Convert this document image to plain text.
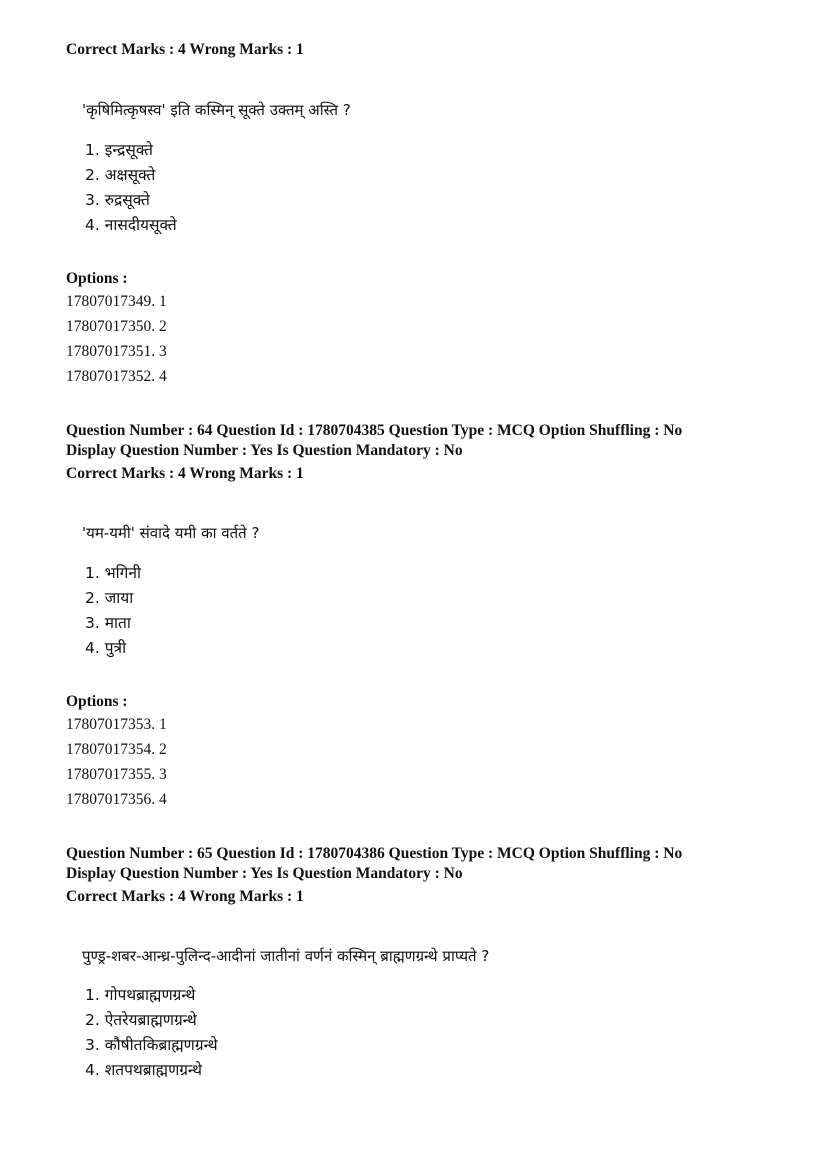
Correct Marks : 4 Wrong Marks : 1
'कृषिमित्कृषस्व' इति कस्मिन् सूक्ते उक्तम् अस्ति ?
1. इन्द्रसूक्ते
2. अक्षसूक्ते
3. रुद्रसूक्ते
4. नासदीयसूक्ते
Options :
17807017349. 1
17807017350. 2
17807017351. 3
17807017352. 4
Question Number : 64 Question Id : 1780704385 Question Type : MCQ Option Shuffling : No
Display Question Number : Yes Is Question Mandatory : No
Correct Marks : 4 Wrong Marks : 1
'यम-यमी' संवादे यमी का वर्तते ?
1. भगिनी
2. जाया
3. माता
4. पुत्री
Options :
17807017353. 1
17807017354. 2
17807017355. 3
17807017356. 4
Question Number : 65 Question Id : 1780704386 Question Type : MCQ Option Shuffling : No
Display Question Number : Yes Is Question Mandatory : No
Correct Marks : 4 Wrong Marks : 1
पुण्ड्र-शबर-आन्ध्र-पुलिन्द-आदीनां जातीनां वर्णनं कस्मिन् ब्राह्मणग्रन्थे प्राप्यते ?
1. गोपथब्राह्मणग्रन्थे
2. ऐतरेयब्राह्मणग्रन्थे
3. कौषीतकिब्राह्मणग्रन्थे
4. शतपथब्राह्मणग्रन्थे
